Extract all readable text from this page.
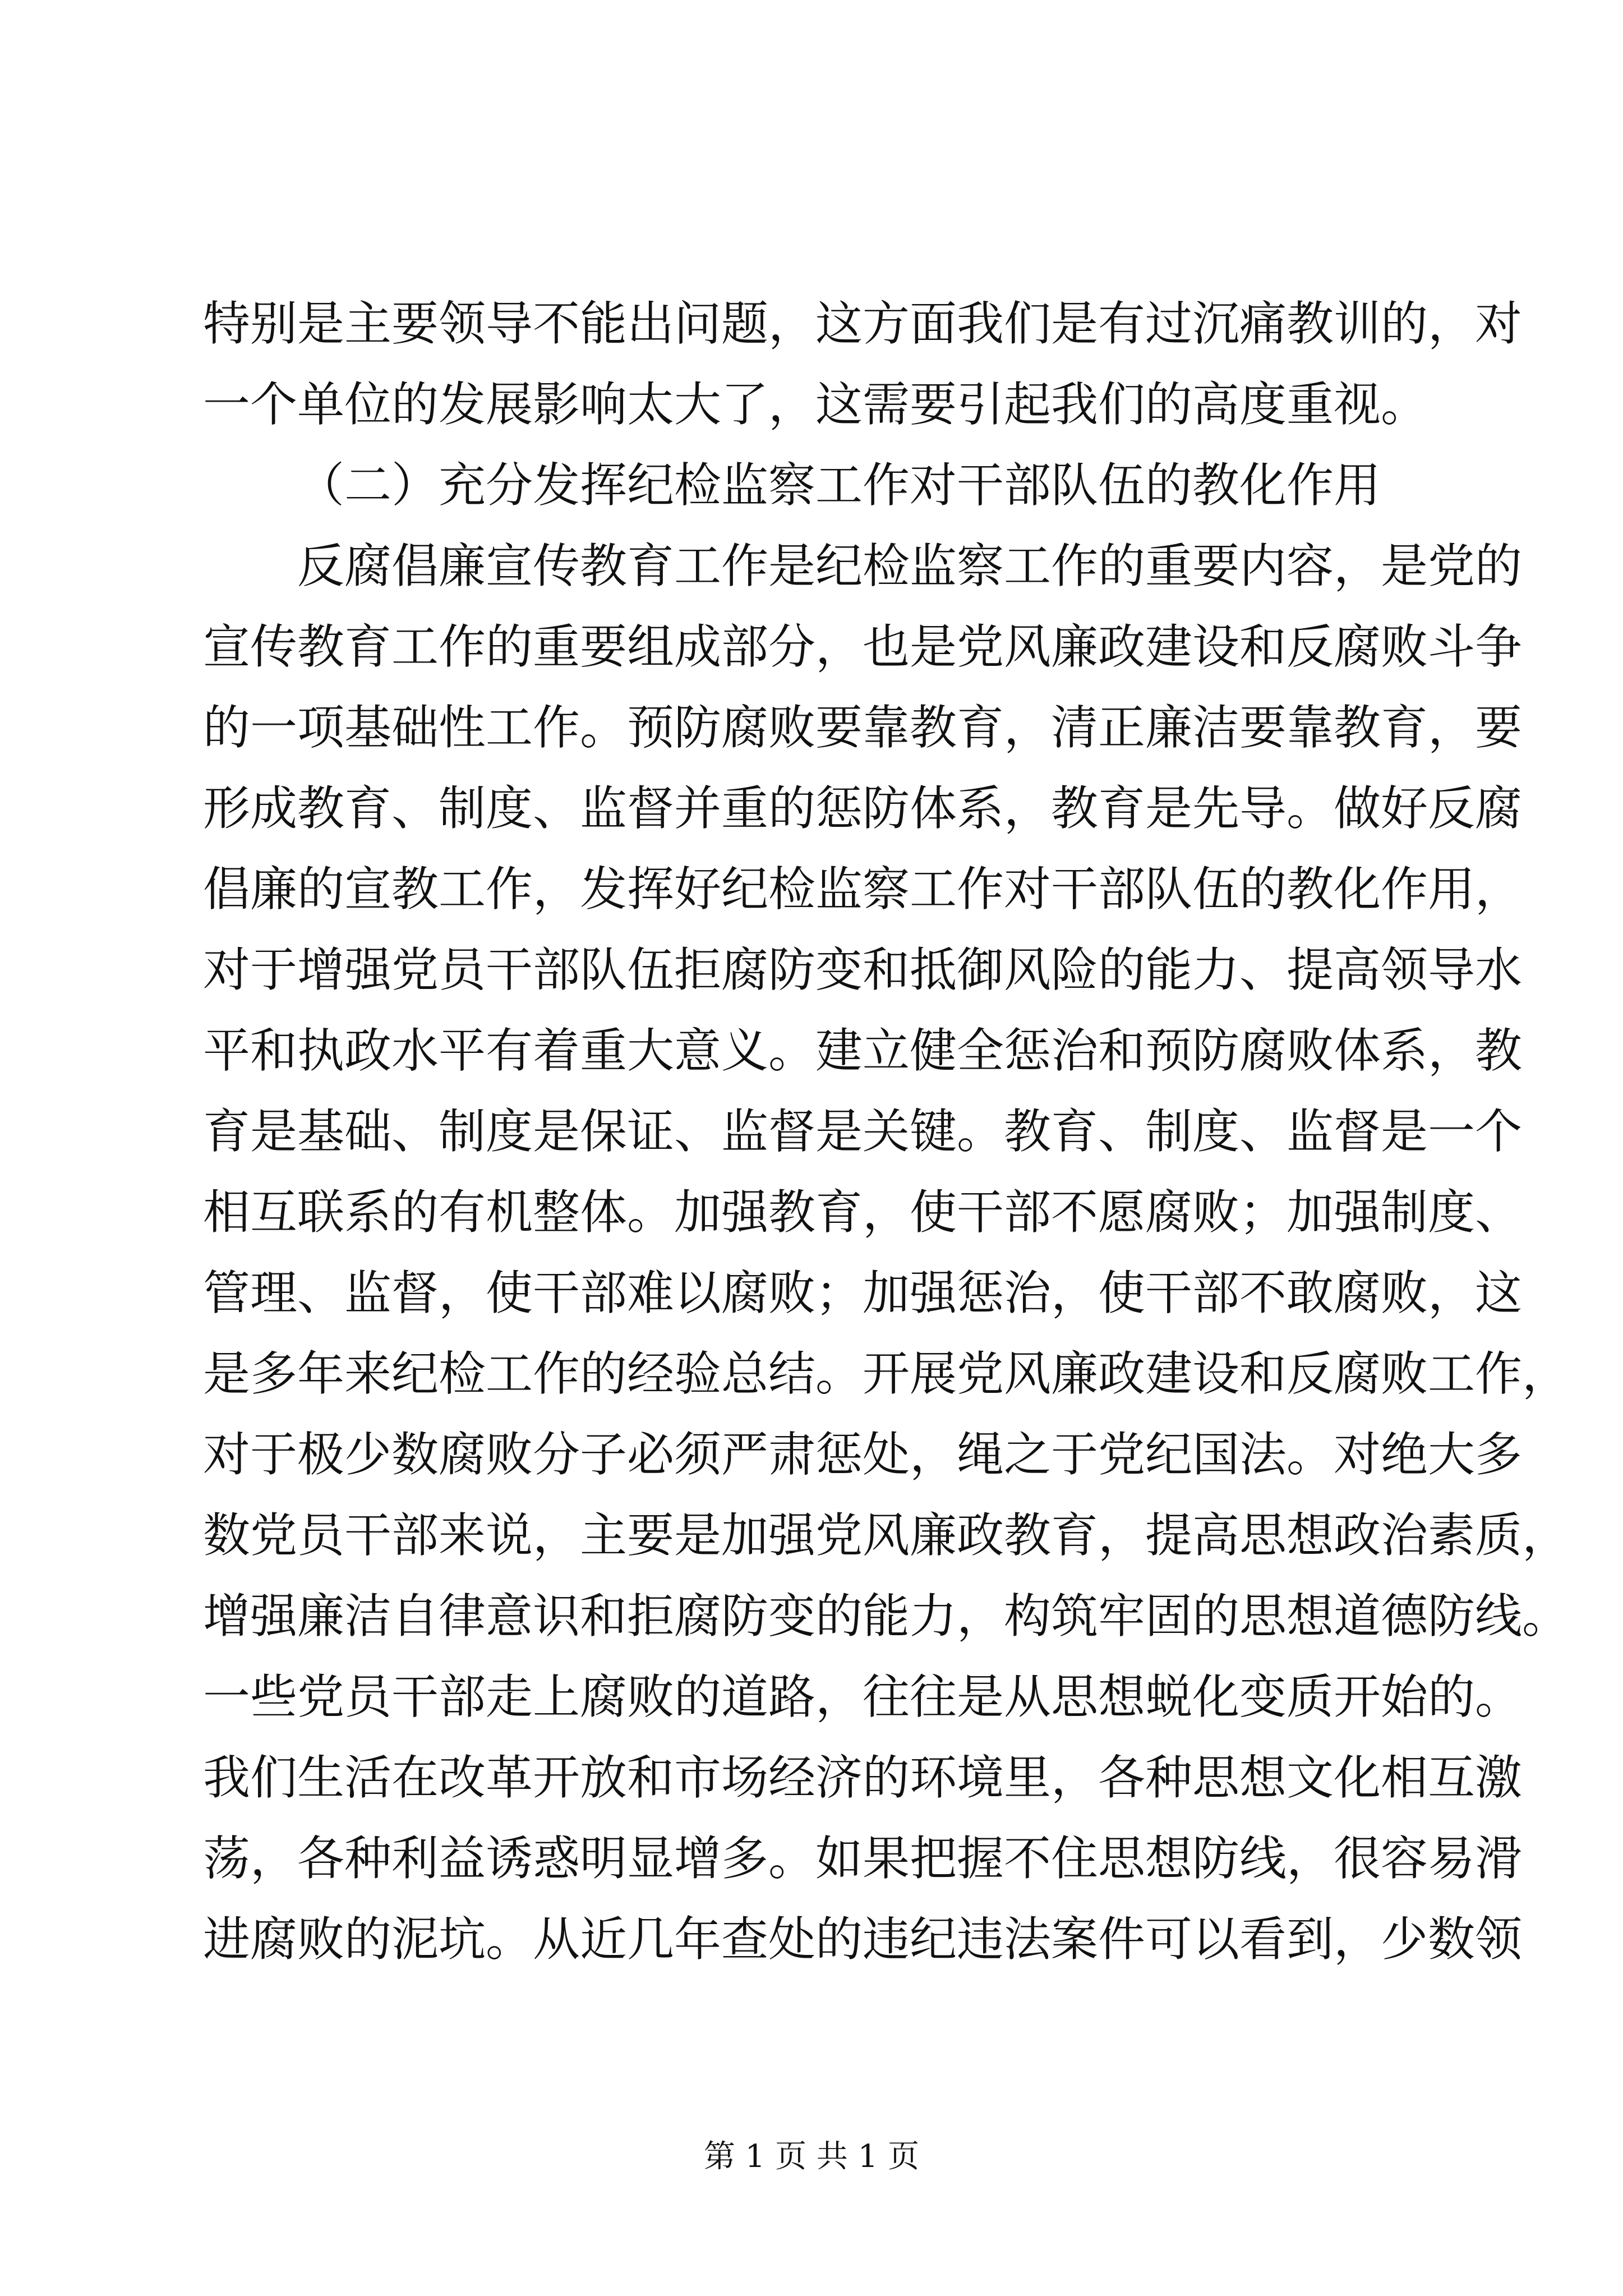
特别是主要领导不能出问题，这方面我们是有过沉痛教训的，对
一个单位的发展影响太大了，这需要引起我们的高度重视。
（二）充分发挥纪检监察工作对干部队伍的教化作用
反腐倡廉宣传教育工作是纪检监察工作的重要内容，是党的
宣传教育工作的重要组成部分，也是党风廉政建设和反腐败斗争
的一项基础性工作。预防腐败要靠教育，清正廉洁要靠教育，要
形成教育、制度、监督并重的惩防体系，教育是先导。做好反腐
倡廉的宣教工作，发挥好纪检监察工作对干部队伍的教化作用，
对于增强党员干部队伍拒腐防变和抵御风险的能力、提高领导水
平和执政水平有着重大意义。建立健全惩治和预防腐败体系，教
育是基础、制度是保证、监督是关键。教育、制度、监督是一个
相互联系的有机整体。加强教育，使干部不愿腐败；加强制度、
管理、监督，使干部难以腐败；加强惩治，使干部不敢腐败，这
是多年来纪检工作的经验总结。开展党风廉政建设和反腐败工作，
对于极少数腐败分子必须严肃惩处，绳之于党纪国法。对绝大多
数党员干部来说，主要是加强党风廉政教育，提高思想政治素质，
增强廉洁自律意识和拒腐防变的能力，构筑牢固的思想道德防线。
一些党员干部走上腐败的道路，往往是从思想蜕化变质开始的。
我们生活在改革开放和市场经济的环境里，各种思想文化相互激
荡，各种利益诱惑明显增多。如果把握不住思想防线，很容易滑
进腐败的泥坑。从近几年查处的违纪违法案件可以看到，少数领
第 1 页 共 1 页
